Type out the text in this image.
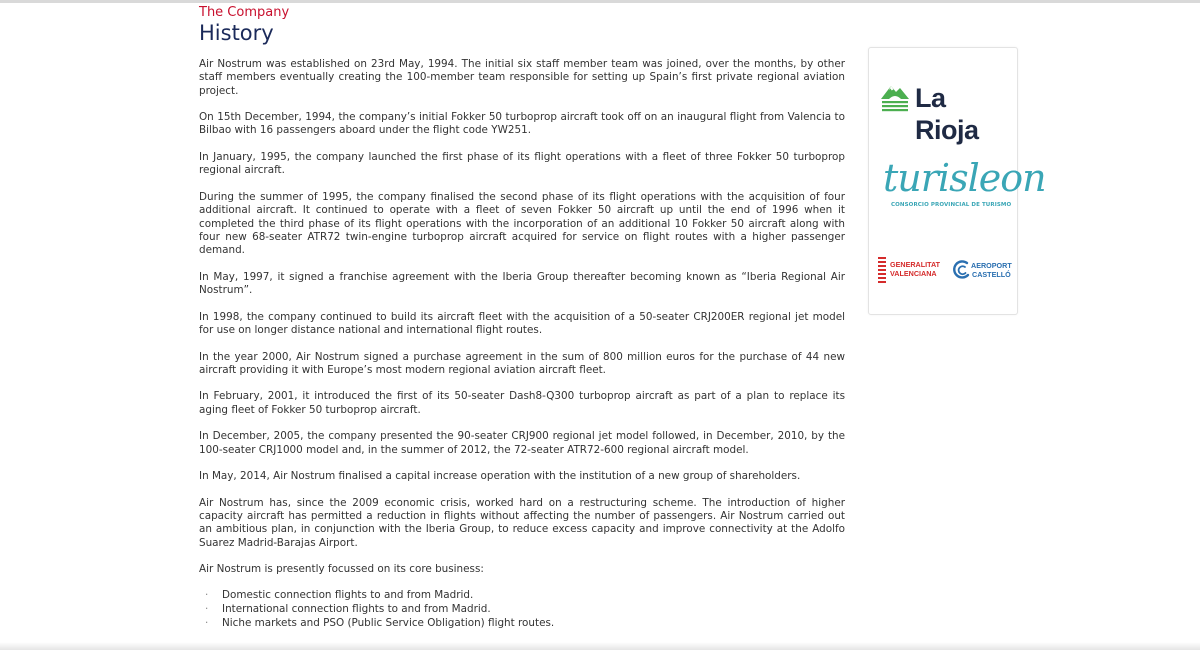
The Company

History

Air Nostrum was established on 23rd May, 1994. The initial six staff member team was joined, over the months, by other staff members eventually creating the 100-member team responsible for setting up Spain’s first private regional aviation project.

On 15th December, 1994, the company’s initial Fokker 50 turboprop aircraft took off on an inaugural flight from Valencia to Bilbao with 16 passengers aboard under the flight code YW251.

In January, 1995, the company launched the first phase of its flight operations with a fleet of three Fokker 50 turboprop regional aircraft.

During the summer of 1995, the company finalised the second phase of its flight operations with the acquisition of four additional aircraft. It continued to operate with a fleet of seven Fokker 50 aircraft up until the end of 1996 when it completed the third phase of its flight operations with the incorporation of an additional 10 Fokker 50 aircraft along with four new 68-seater ATR72 twin-engine turboprop aircraft acquired for service on flight routes with a higher passenger demand.

In May, 1997, it signed a franchise agreement with the Iberia Group thereafter becoming known as “Iberia Regional Air Nostrum”.

In 1998, the company continued to build its aircraft fleet with the acquisition of a 50-seater CRJ200ER regional jet model for use on longer distance national and international flight routes.

In the year 2000, Air Nostrum signed a purchase agreement in the sum of 800 million euros for the purchase of 44 new aircraft providing it with Europe’s most modern regional aviation aircraft fleet.

In February, 2001, it introduced the first of its 50-seater Dash8-Q300 turboprop aircraft as part of a plan to replace its aging fleet of Fokker 50 turboprop aircraft.

In December, 2005, the company presented the 90-seater CRJ900 regional jet model followed, in December, 2010, by the 100-seater CRJ1000 model and, in the summer of 2012, the 72-seater ATR72-600 regional aircraft model.

In May, 2014, Air Nostrum finalised a capital increase operation with the institution of a new group of shareholders.

Air Nostrum has, since the 2009 economic crisis, worked hard on a restructuring scheme. The introduction of higher capacity aircraft has permitted a reduction in flights without affecting the number of passengers. Air Nostrum carried out an ambitious plan, in conjunction with the Iberia Group, to reduce excess capacity and improve connectivity at the Adolfo Suarez Madrid-Barajas Airport.

Air Nostrum is presently focussed on its core business:

· Domestic connection flights to and from Madrid.
· International connection flights to and from Madrid.
· Niche markets and PSO (Public Service Obligation) flight routes.
La Rioja
turisleon
CONSORCIO PROVINCIAL DE TURISMO
GENERALITAT
VALENCIANA
AEROPORT
CASTELLÓ
